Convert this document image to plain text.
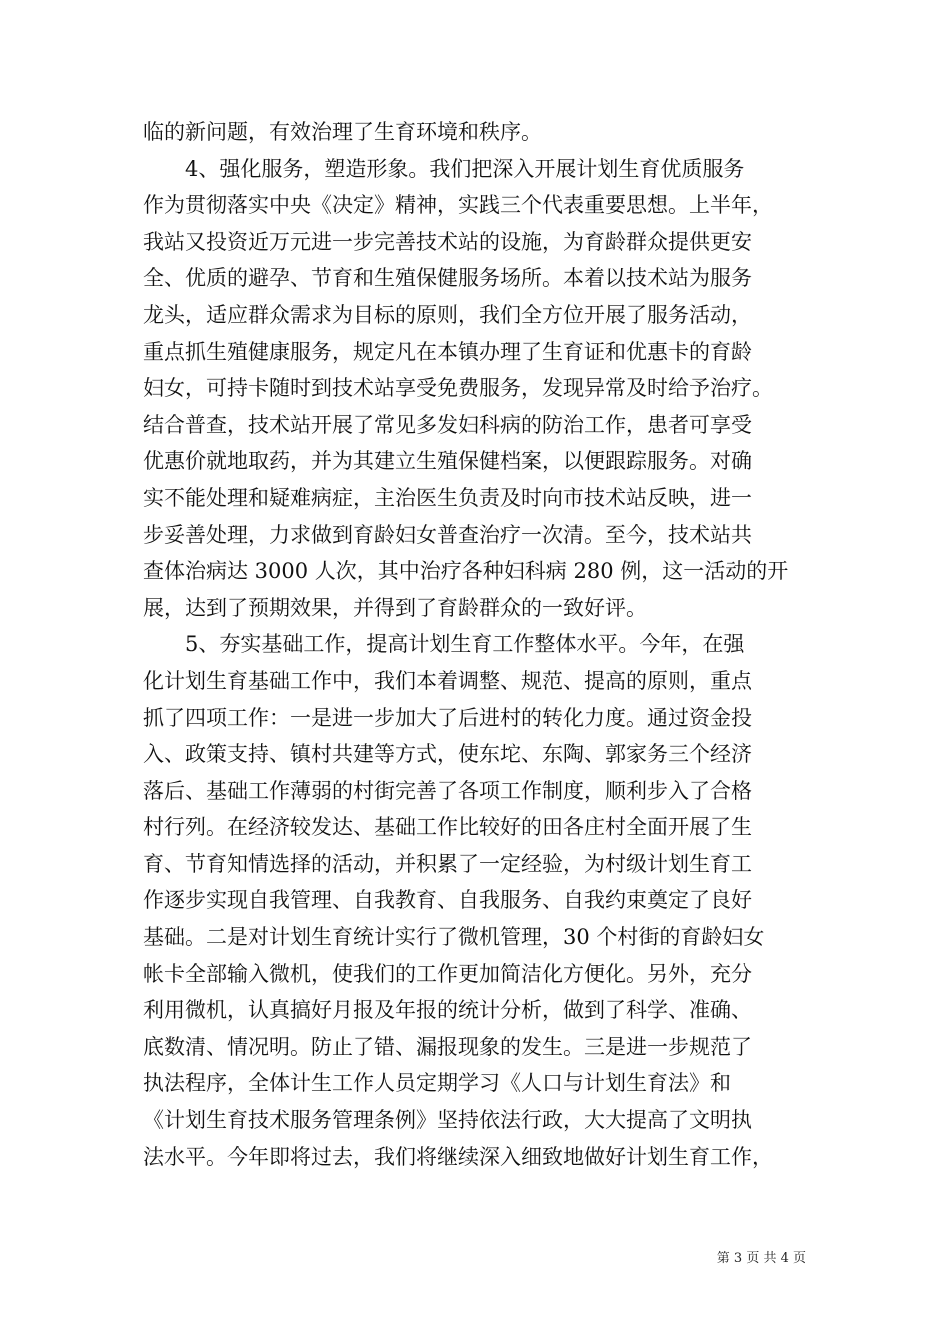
临的新问题，有效治理了生育环境和秩序。
4、强化服务，塑造形象。我们把深入开展计划生育优质服务
作为贯彻落实中央《决定》精神，实践三个代表重要思想。上半年，
我站又投资近万元进一步完善技术站的设施，为育龄群众提供更安
全、优质的避孕、节育和生殖保健服务场所。本着以技术站为服务
龙头，适应群众需求为目标的原则，我们全方位开展了服务活动，
重点抓生殖健康服务，规定凡在本镇办理了生育证和优惠卡的育龄
妇女，可持卡随时到技术站享受免费服务，发现异常及时给予治疗。
结合普查，技术站开展了常见多发妇科病的防治工作，患者可享受
优惠价就地取药，并为其建立生殖保健档案，以便跟踪服务。对确
实不能处理和疑难病症，主治医生负责及时向市技术站反映，进一
步妥善处理，力求做到育龄妇女普查治疗一次清。至今，技术站共
查体治病达 3000 人次，其中治疗各种妇科病 280 例，这一活动的开
展，达到了预期效果，并得到了育龄群众的一致好评。
5、夯实基础工作，提高计划生育工作整体水平。今年，在强
化计划生育基础工作中，我们本着调整、规范、提高的原则，重点
抓了四项工作：一是进一步加大了后进村的转化力度。通过资金投
入、政策支持、镇村共建等方式，使东坨、东陶、郭家务三个经济
落后、基础工作薄弱的村街完善了各项工作制度，顺利步入了合格
村行列。在经济较发达、基础工作比较好的田各庄村全面开展了生
育、节育知情选择的活动，并积累了一定经验，为村级计划生育工
作逐步实现自我管理、自我教育、自我服务、自我约束奠定了良好
基础。二是对计划生育统计实行了微机管理，30 个村街的育龄妇女
帐卡全部输入微机，使我们的工作更加简洁化方便化。另外，充分
利用微机，认真搞好月报及年报的统计分析，做到了科学、准确、
底数清、情况明。防止了错、漏报现象的发生。三是进一步规范了
执法程序，全体计生工作人员定期学习《人口与计划生育法》和
《计划生育技术服务管理条例》坚持依法行政，大大提高了文明执
法水平。今年即将过去，我们将继续深入细致地做好计划生育工作，
第 3 页 共 4 页
